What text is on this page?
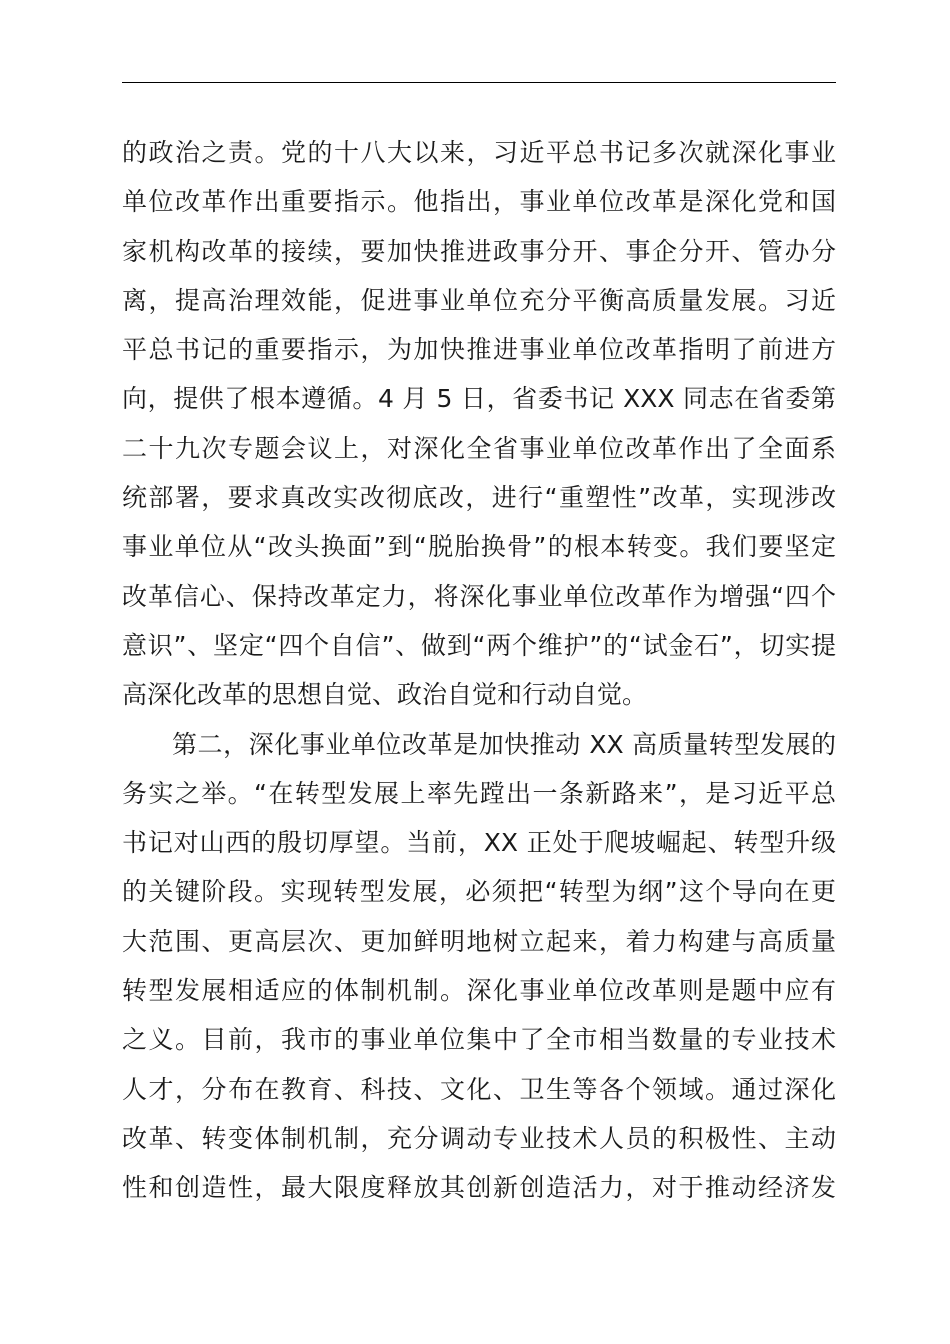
的政治之责。党的十八大以来，习近平总书记多次就深化事业
单位改革作出重要指示。他指出，事业单位改革是深化党和国
家机构改革的接续，要加快推进政事分开、事企分开、管办分
离，提高治理效能，促进事业单位充分平衡高质量发展。习近
平总书记的重要指示，为加快推进事业单位改革指明了前进方
向，提供了根本遵循。4 月 5 日，省委书记 XXX 同志在省委第
二十九次专题会议上，对深化全省事业单位改革作出了全面系
统部署，要求真改实改彻底改，进行“重塑性”改革，实现涉改
事业单位从“改头换面”到“脱胎换骨”的根本转变。我们要坚定
改革信心、保持改革定力，将深化事业单位改革作为增强“四个
意识”、坚定“四个自信”、做到“两个维护”的“试金石”，切实提
高深化改革的思想自觉、政治自觉和行动自觉。
第二，深化事业单位改革是加快推动 XX 高质量转型发展的
务实之举。“在转型发展上率先蹚出一条新路来”，是习近平总
书记对山西的殷切厚望。当前，XX 正处于爬坡崛起、转型升级
的关键阶段。实现转型发展，必须把“转型为纲”这个导向在更
大范围、更高层次、更加鲜明地树立起来，着力构建与高质量
转型发展相适应的体制机制。深化事业单位改革则是题中应有
之义。目前，我市的事业单位集中了全市相当数量的专业技术
人才，分布在教育、科技、文化、卫生等各个领域。通过深化
改革、转变体制机制，充分调动专业技术人员的积极性、主动
性和创造性，最大限度释放其创新创造活力，对于推动经济发
